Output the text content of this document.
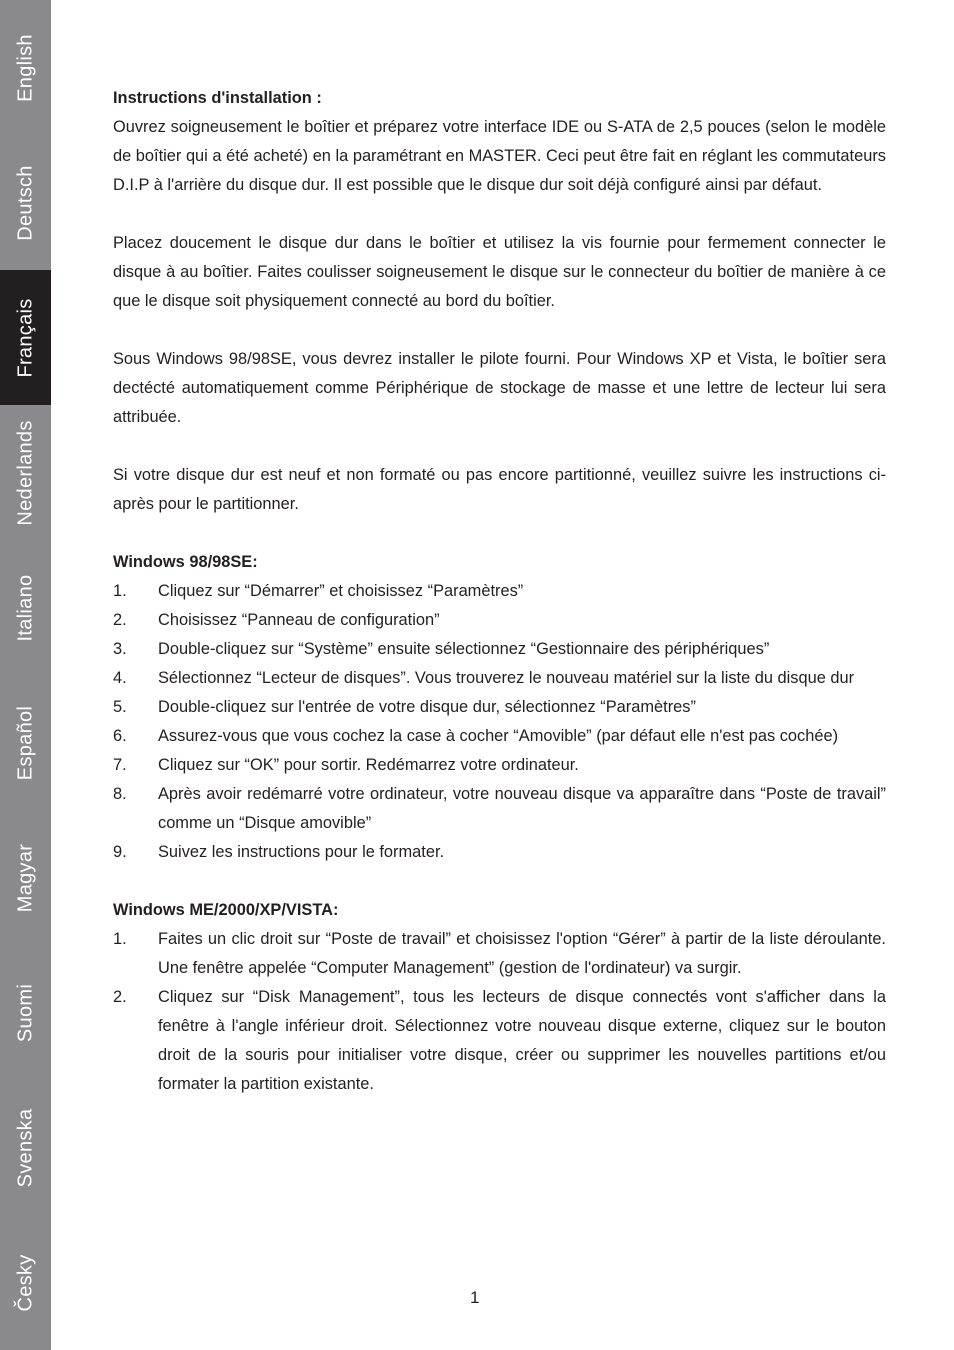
English
Deutsch
Français
Nederlands
Italiano
Español
Magyar
Suomi
Svenska
Česky

Instructions d'installation :

Ouvrez soigneusement le boîtier et préparez votre interface IDE ou S-ATA de 2,5 pouces (selon le modèle de boîtier qui a été acheté) en la paramétrant en MASTER. Ceci peut être fait en réglant les commutateurs D.I.P à l'arrière du disque dur. Il est possible que le disque dur soit déjà configuré ainsi par défaut.

Placez doucement le disque dur dans le boîtier et utilisez la vis fournie pour fermement connecter le disque à au boîtier. Faites coulisser soigneusement le disque sur le connecteur du boîtier de manière à ce que le disque soit physiquement connecté au bord du boîtier.

Sous Windows 98/98SE, vous devrez installer le pilote fourni. Pour Windows XP et Vista, le boîtier sera dectécté automatiquement comme Périphérique de stockage de masse et une lettre de lecteur lui sera attribuée.

Si votre disque dur est neuf et non formaté ou pas encore partitionné, veuillez suivre les instructions ci-après pour le partitionner.

Windows 98/98SE:

1. Cliquez sur “Démarrer” et choisissez “Paramètres”
2. Choisissez “Panneau de configuration”
3. Double-cliquez sur “Système” ensuite sélectionnez “Gestionnaire des périphériques”
4. Sélectionnez “Lecteur de disques”. Vous trouverez le nouveau matériel sur la liste du disque dur
5. Double-cliquez sur l'entrée de votre disque dur, sélectionnez “Paramètres”
6. Assurez-vous que vous cochez la case à cocher “Amovible” (par défaut elle n'est pas cochée)
7. Cliquez sur “OK” pour sortir. Redémarrez votre ordinateur.
8. Après avoir redémarré votre ordinateur, votre nouveau disque va apparaître dans “Poste de travail” comme un “Disque amovible”
9. Suivez les instructions pour le formater.

Windows ME/2000/XP/VISTA:

1. Faites un clic droit sur “Poste de travail” et choisissez l'option “Gérer” à partir de la liste déroulante. Une fenêtre appelée “Computer Management” (gestion de l'ordinateur) va surgir.
2. Cliquez sur “Disk Management”, tous les lecteurs de disque connectés vont s'afficher dans la fenêtre à l'angle inférieur droit. Sélectionnez votre nouveau disque externe, cliquez sur le bouton droit de la souris pour initialiser votre disque, créer ou supprimer les nouvelles partitions et/ou formater la partition existante.
1
